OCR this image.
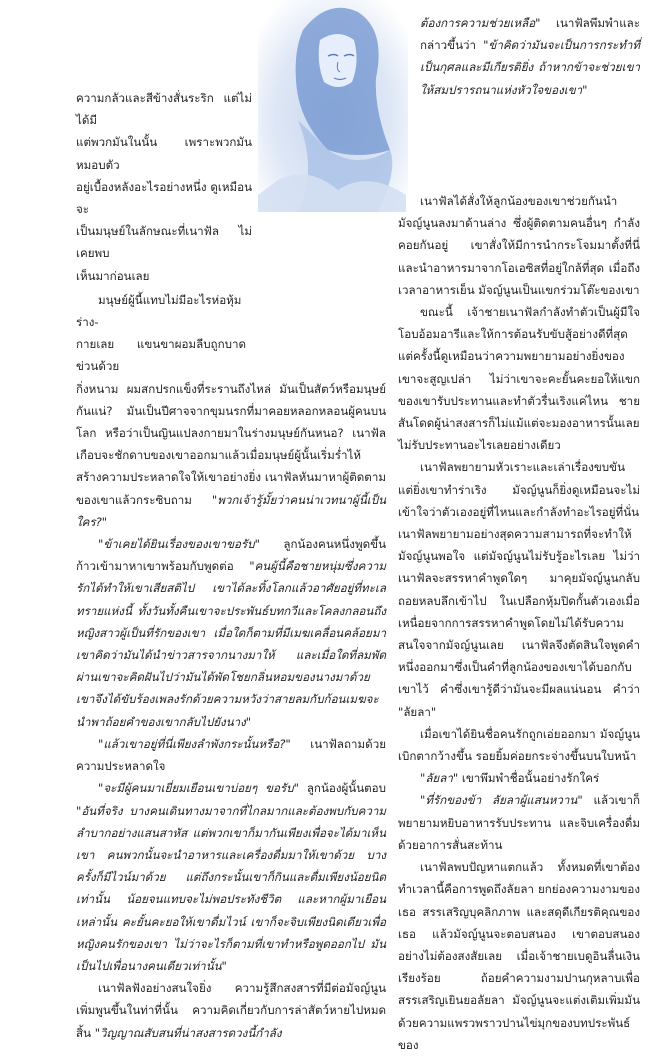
ความกลัวและสีข้างสั่นระริก แต่ไม่ได้มี
แต่พวกมันในนั้น เพราะพวกมันหมอบตัว
อยู่เบื้องหลังอะไรอย่างหนึ่ง ดูเหมือนจะ
เป็นมนุษย์ในลักษณะที่เนาฟัล ไม่เคยพบ
เห็นมาก่อนเลย
มนุษย์ผู้นี้แทบไม่มีอะไรห่อหุ้มร่าง-
กายเลย แขนขาผอมลีบถูกบาดข่วนด้วย
กิ่งหนาม ผมสกปรกแข็งที่ระรานถึงไหล่ มันเป็นสัตว์หรือมนุษย์กันแน่? มันเป็นปีศาจจากขุมนรกที่มาคอยหลอกหลอนผู้คนบนโลก หรือว่าเป็นญินแปลงกายมาในร่างมนุษย์กันหนอ? เนาฟัลเกือบจะชักดาบของเขาออกมาแล้วเมื่อมนุษย์ผู้นั้นเริ่มร่ำไห้ สร้างความประหลาดใจให้เขาอย่างยิ่ง เนาฟัลหันมาหาผู้ติดตามของเขาแล้วกระซิบถาม "พวกเจ้ารู้มั้ยว่าคนน่าเวทนาผู้นี้เป็นใคร?"
"ข้าเคยได้ยินเรื่องของเขาขอรับ" ลูกน้องคนหนึ่งพูดขึ้น ก้าวเข้ามาหาเขาพร้อมกับพูดต่อ "คนผู้นี้คือชายหนุ่มซึ่งความรักได้ทำให้เขาเสียสติไป เขาได้ละทิ้งโลกแล้วอาศัยอยู่ที่ทะเลทรายแห่งนี้ ทั้งวันทั้งคืนเขาจะประพันธ์บทกวีและโคลงกลอนถึงหญิงสาวผู้เป็นที่รักของเขา เมื่อใดก็ตามที่มีเมฆเคลื่อนคล้อยมา เขาคิดว่ามันได้นำข่าวสารจากนางมาให้ และเมื่อใดที่ลมพัดผ่านเขาจะคิดฝันไปว่ามันได้พัดโชยกลิ่นหอมของนางมาด้วย เขาจึงได้ขับร้องเพลงรักด้วยความหวังว่าสายลมกับก้อนเมฆจะนำพาถ้อยคำของเขากลับไปยังนาง"
"แล้วเขาอยู่ที่นี่เพียงลำพังกระนั้นหรือ?" เนาฟัลถามด้วยความประหลาดใจ
"จะมีผู้คนมาเยี่ยมเยือนเขาบ่อยๆ ขอรับ" ลูกน้องผู้นั้นตอบ "อันที่จริง บางคนเดินทางมาจากที่ไกลมากและต้องพบกับความลำบากอย่างแสนสาหัส แต่พวกเขาก็มากันเพียงเพื่อจะได้มาเห็นเขา คนพวกนั้นจะนำอาหารและเครื่องดื่มมาให้เขาด้วย บางครั้งก็มีไวน์มาด้วย แต่ถึงกระนั้นเขาก็กินและดื่มเพียงน้อยนิดเท่านั้น น้อยจนแทบจะไม่พอประทังชีวิต และหากผู้มาเยือนเหล่านั้น คะยั้นคะยอให้เขาดื่มไวน์ เขาก็จะจิบเพียงนิดเดียวเพื่อหญิงคนรักของเขา ไม่ว่าจะไรก็ตามที่เขาทำหรือพูดออกไป มันเป็นไปเพื่อนางคนเดียวเท่านั้น"
เนาฟัลฟังอย่างสนใจยิ่ง ความรู้สึกสงสารที่มีต่อมัจญ์นูนเพิ่มพูนขึ้นในท่าที่นั้น ความคิดเกี่ยวกับการล่าสัตว์หายไปหมดสิ้น "วิญญาณสับสนที่น่าสงสารดวงนี้กำลัง
ต้องการความช่วยเหลือ" เนาฟัลพึมพำและกล่าวขึ้นว่า "ข้าคิดว่ามันจะเป็นการกระทำที่เป็นกุศลและมีเกียรติยิ่ง ถ้าหากข้าจะช่วยเขาให้สมปรารถนาแห่งหัวใจของเขา"
เนาฟัลได้สั่งให้ลูกน้องของเขาช่วยกันนำมัจญ์นูนลงมาด้านล่าง ซึ่งผู้ติดตามคนอื่นๆ กำลังคอยกันอยู่ เขาสั่งให้มีการนำกระโจมมาตั้งที่นี่และนำอาหารมาจากโอเอซิสที่อยู่ใกล้ที่สุด เมื่อถึงเวลาอาหารเย็น มัจญ์นูนเป็นแขกร่วมโต๊ะของเขา
ขณะนี้ เจ้าชายเนาฟัลกำลังทำตัวเป็นผู้มีใจโอบอ้อมอารีและให้การต้อนรับขับสู้อย่างดีที่สุด แต่ครั้งนี้ดูเหมือนว่าความพยายามอย่างยิ่งของเขาจะสูญเปล่า ไม่ว่าเขาจะคะยั้นคะยอให้แขกของเขารับประทานและทำตัวรื่นเริงแค่ไหน ชายสันโดดผู้น่าสงสารก็ไม่แม้แต่จะมองอาหารนั้นเลย ไม่รับประทานอะไรเลยอย่างเดียว
เนาฟัลพยายามหัวเราะและเล่าเรื่องขบขัน แต่ยิ่งเขาทำร่าเริง มัจญ์นูนก็ยิ่งดูเหมือนจะไม่เข้าใจว่าตัวเองอยู่ที่ไหนและกำลังทำอะไรอยู่ที่นั่น เนาฟัลพยายามอย่างสุดความสามารถที่จะทำให้มัจญ์นูนพอใจ แต่มัจญ์นูนไม่รับรู้อะไรเลย ไม่ว่าเนาฟัลจะสรรหาคำพูดใดๆ มาคุยมัจญ์นูนกลับถอยหลบลึกเข้าไป ในเปลือกหุ้มปิดกั้นตัวเองเมื่อเหนื่อยจากการสรรหาคำพูดโดยไม่ได้รับความสนใจจากมัจญ์นูนเลย เนาฟัลจึงตัดสินใจพูดคำหนึ่งออกมาซึ่งเป็นคำที่ลูกน้องของเขาได้บอกกับเขาไว้ คำซึ่งเขารู้ดีว่ามันจะมีผลแน่นอน คำว่า "ลัยลา"
เมื่อเขาได้ยินชื่อคนรักถูกเอ่ยออกมา มัจญ์นูนเบิกตากว้างขึ้น รอยยิ้มค่อยกระจ่างขึ้นบนใบหน้า
"ลัยลา" เขาพึมพำชื่อนั้นอย่างรักใคร่
"ที่รักของข้า ลัยลาผู้แสนหวาน" แล้วเขาก็พยายามหยิบอาหารรับประทาน และจิบเครื่องดื่มด้วยอาการสั่นสะท้าน
เนาฟัลพบปัญหาแตกแล้ว ทั้งหมดที่เขาต้องทำเวลานี้คือการพูดถึงลัยลา ยกย่องความงามของเธอ สรรเสริญบุคลิกภาพ และสดุดีเกียรติคุณของเธอ แล้วมัจญ์นูนจะตอบสนอง เขาตอบสนองอย่างไม่ต้องสงสัยเลย เมื่อเจ้าชายเบดูอินลื่นเงินเรียงร้อย ถ้อยคำความงามปานกุหลาบเพื่อสรรเสริญเยินยอลัยลา มัจญ์นูนจะแต่งเติมเพิ่มมันด้วยความแพรวพราวปานไข่มุกของบทประพันธ์ของ
